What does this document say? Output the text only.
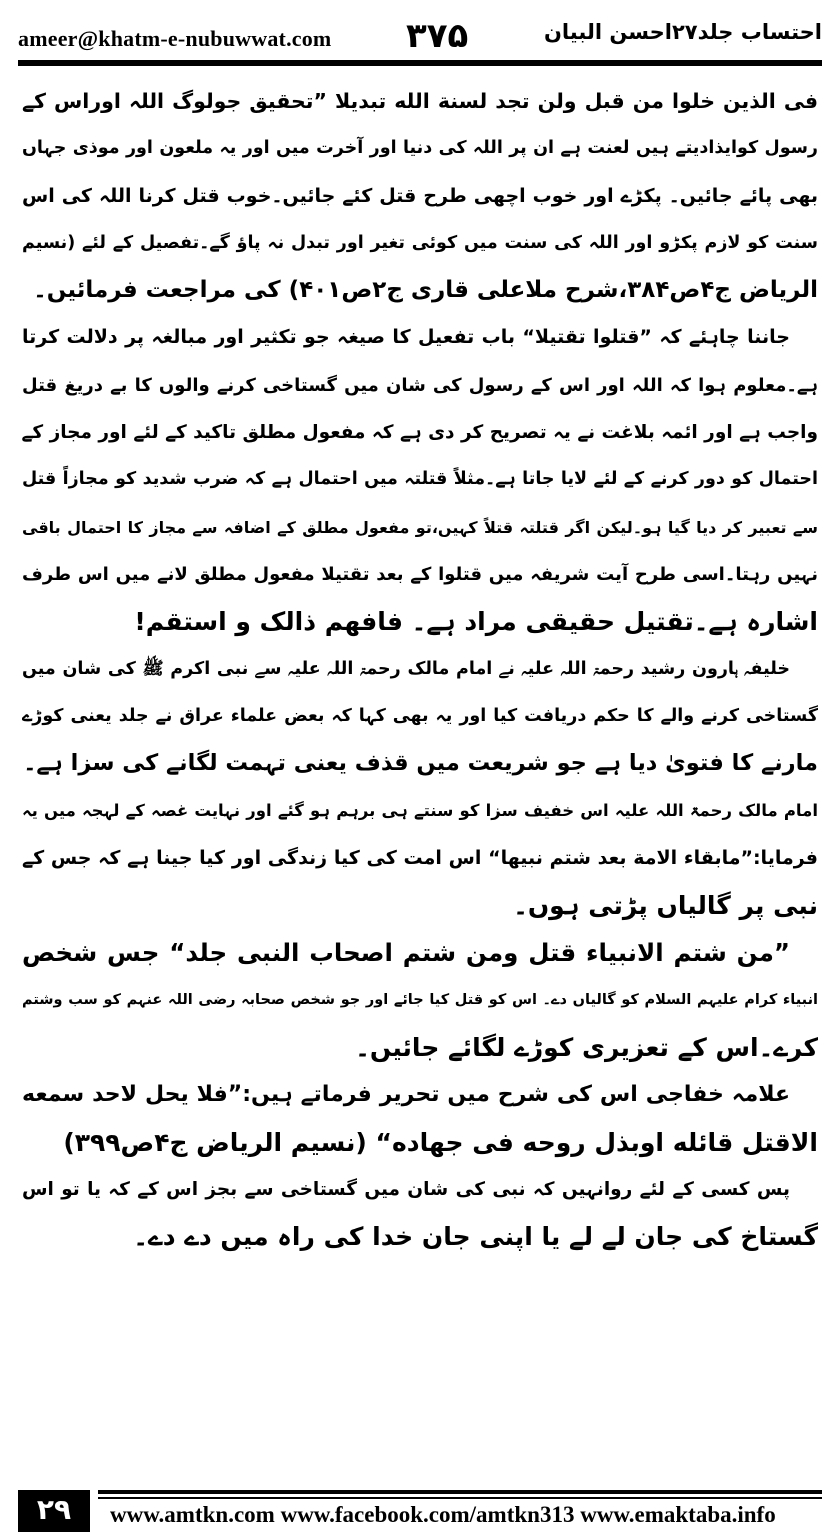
ameer@khatm-e-nubuwwat.com ۳۷۵	احتساب جلد۲۷احسن البیان
فی الذین خلوا من قبل ولن تجد لسنة الله تبدیلا ”تحقیق جولوگ اللہ اوراس کے
رسول کوایذادیتے ہیں لعنت ہے ان پر اللہ کی دنیا اور آخرت میں اور یہ ملعون اور موذی جہاں
بھی پائے جائیں۔ پکڑے اور خوب اچھی طرح قتل کئے جائیں۔خوب قتل کرنا اللہ کی اس
سنت کو لازم پکڑو اور اللہ کی سنت میں کوئی تغیر اور تبدل نہ پاؤ گے۔تفصیل کے لئے (نسیم
الریاض ج۴ص۳۸۴،شرح ملاعلی قاری ج۲ص۴۰۱) کی مراجعت فرمائیں۔
جاننا چاہئے کہ ”قتلوا تقتیلا“ باب تفعیل کا صیغہ جو تکثیر اور مبالغہ پر دلالت کرتا
ہے۔معلوم ہوا کہ اللہ اور اس کے رسول کی شان میں گستاخی کرنے والوں کا بے دریغ قتل
واجب ہے اور ائمہ بلاغت نے یہ تصریح کر دی ہے کہ مفعول مطلق تاکید کے لئے اور مجاز کے
احتمال کو دور کرنے کے لئے لایا جاتا ہے۔مثلاً قتلتہ میں احتمال ہے کہ ضرب شدید کو مجازاً قتل
سے تعبیر کر دیا گیا ہو۔لیکن اگر قتلتہ قتلاً کہیں،تو مفعول مطلق کے اضافہ سے مجاز کا احتمال باقی
نہیں رہتا۔اسی طرح آیت شریفہ میں قتلوا کے بعد تقتیلا مفعول مطلق لانے میں اس طرف
اشارہ ہے۔تقتیل حقیقی مراد ہے۔ فافهم ذالک و استقم!
خلیفہ ہارون رشید رحمۃ اللہ علیہ نے امام مالک رحمۃ اللہ علیہ سے نبی اکرم ﷺ کی شان میں
گستاخی کرنے والے کا حکم دریافت کیا اور یہ بھی کہا کہ بعض علماء عراق نے جلد یعنی کوڑے
مارنے کا فتویٰ دیا ہے جو شریعت میں قذف یعنی تہمت لگانے کی سزا ہے۔
امام مالک رحمۃ اللہ علیہ اس خفیف سزا کو سنتے ہی برہم ہو گئے اور نہایت غصہ کے لہجہ میں یہ
فرمایا:”مابقاء الامة بعد شتم نبیها“ اس امت کی کیا زندگی اور کیا جینا ہے کہ جس کے
نبی پر گالیاں پڑتی ہوں۔
”من شتم الانبیاء قتل ومن شتم اصحاب النبی جلد“ جس شخص
انبیاء کرام علیہم السلام کو گالیاں دے۔ اس کو قتل کیا جائے اور جو شخص صحابہ رضی اللہ عنہم کو سب وشتم
کرے۔اس کے تعزیری کوڑے لگائے جائیں۔
علامہ خفاجی اس کی شرح میں تحریر فرماتے ہیں:”فلا یحل لاحد سمعه
الاقتل قائله اوبذل روحه فی جهاده“ (نسیم الریاض ج۴ص۳۹۹)
پس کسی کے لئے روانہیں کہ نبی کی شان میں گستاخی سے بجز اس کے کہ یا تو اس
گستاخ کی جان لے لے یا اپنی جان خدا کی راہ میں دے دے۔
۲۹	www.amtkn.com www.facebook.com/amtkn313 www.emaktaba.info
